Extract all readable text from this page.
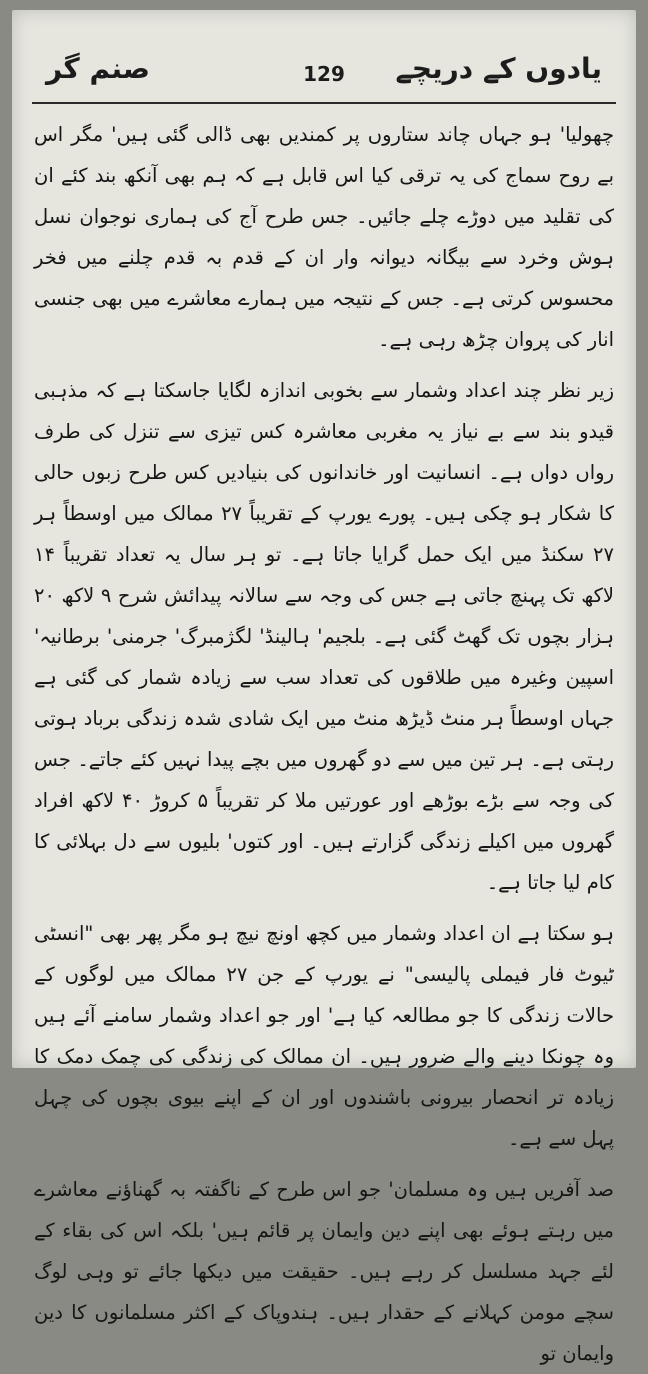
یادوں کے دریچے
129
صنم گر

چھولیا' ہو جہاں چاند ستاروں پر کمندیں بھی ڈالی گئی ہیں' مگر اس بے روح سماج کی یہ ترقی کیا اس قابل ہے کہ ہم بھی آنکھ بند کئے ان کی تقلید میں دوڑے چلے جائیں۔ جس طرح آج کی ہماری نوجوان نسل ہوش وخرد سے بیگانہ دیوانہ وار ان کے قدم بہ قدم چلنے میں فخر محسوس کرتی ہے۔ جس کے نتیجہ میں ہمارے معاشرے میں بھی جنسی انار کی پروان چڑھ رہی ہے۔

زیر نظر چند اعداد وشمار سے بخوبی اندازہ لگایا جاسکتا ہے کہ مذہبی قیدو بند سے بے نیاز یہ مغربی معاشرہ کس تیزی سے تنزل کی طرف رواں دواں ہے۔ انسانیت اور خاندانوں کی بنیادیں کس طرح زبوں حالی کا شکار ہو چکی ہیں۔ پورے یورپ کے تقریباً ۲۷ ممالک میں اوسطاً ہر ۲۷ سکنڈ میں ایک حمل گرایا جاتا ہے۔ تو ہر سال یہ تعداد تقریباً ۱۴ لاکھ تک پہنچ جاتی ہے جس کی وجہ سے سالانہ پیدائش شرح ۹ لاکھ ۲۰ ہزار بچوں تک گھٹ گئی ہے۔ بلجیم' ہالینڈ' لگژمبرگ' جرمنی' برطانیہ' اسپین وغیرہ میں طلاقوں کی تعداد سب سے زیادہ شمار کی گئی ہے جہاں اوسطاً ہر منٹ ڈیڑھ منٹ میں ایک شادی شدہ زندگی برباد ہوتی رہتی ہے۔ ہر تین میں سے دو گھروں میں بچے پیدا نہیں کئے جاتے۔ جس کی وجہ سے بڑے بوڑھے اور عورتیں ملا کر تقریباً ۵ کروڑ ۴۰ لاکھ افراد گھروں میں اکیلے زندگی گزارتے ہیں۔ اور کتوں' بلیوں سے دل بہلائی کا کام لیا جاتا ہے۔

ہو سکتا ہے ان اعداد وشمار میں کچھ اونچ نیچ ہو مگر پھر بھی "انسٹی ٹیوٹ فار فیملی پالیسی" نے یورپ کے جن ۲۷ ممالک میں لوگوں کے حالات زندگی کا جو مطالعہ کیا ہے' اور جو اعداد وشمار سامنے آئے ہیں وہ چونکا دینے والے ضرور ہیں۔ ان ممالک کی زندگی کی چمک دمک کا زیادہ تر انحصار بیرونی باشندوں اور ان کے اپنے بیوی بچوں کی چہل پہل سے ہے۔

صد آفریں ہیں وہ مسلمان' جو اس طرح کے ناگفتہ بہ گھناؤنے معاشرے میں رہتے ہوئے بھی اپنے دین وایمان پر قائم ہیں' بلکہ اس کی بقاء کے لئے جہد مسلسل کر رہے ہیں۔ حقیقت میں دیکھا جائے تو وہی لوگ سچے مومن کہلانے کے حقدار ہیں۔ ہندوپاک کے اکثر مسلمانوں کا دین وایمان تو
